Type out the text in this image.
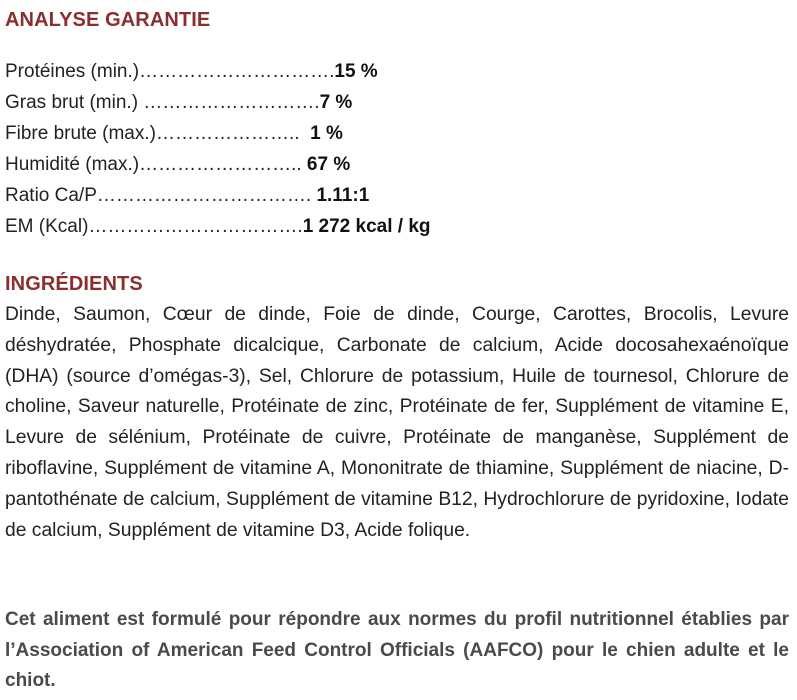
ANALYSE GARANTIE
Protéines (min.)………………………….15 %
Gras brut (min.) ……………………….7 %
Fibre brute (max.)…………………..  1 %
Humidité (max.)…………………….. 67 %
Ratio Ca/P……………………………. 1.11:1
EM (Kcal)…………………………….1 272 kcal / kg
INGRÉDIENTS

Dinde, Saumon, Cœur de dinde, Foie de dinde, Courge, Carottes, Brocolis, Levure déshydratée, Phosphate dicalcique, Carbonate de calcium, Acide docosahexaénoïque (DHA) (source d’omégas-3), Sel, Chlorure de potassium, Huile de tournesol, Chlorure de choline, Saveur naturelle, Protéinate de zinc, Protéinate de fer, Supplément de vitamine E, Levure de sélénium, Protéinate de cuivre, Protéinate de manganèse, Supplément de riboflavine, Supplément de vitamine A, Mononitrate de thiamine, Supplément de niacine, D-pantothénate de calcium, Supplément de vitamine B12, Hydrochlorure de pyridoxine, Iodate de calcium, Supplément de vitamine D3, Acide folique.

Cet aliment est formulé pour répondre aux normes du profil nutritionnel établies par l’Association of American Feed Control Officials (AAFCO) pour le chien adulte et le chiot.
